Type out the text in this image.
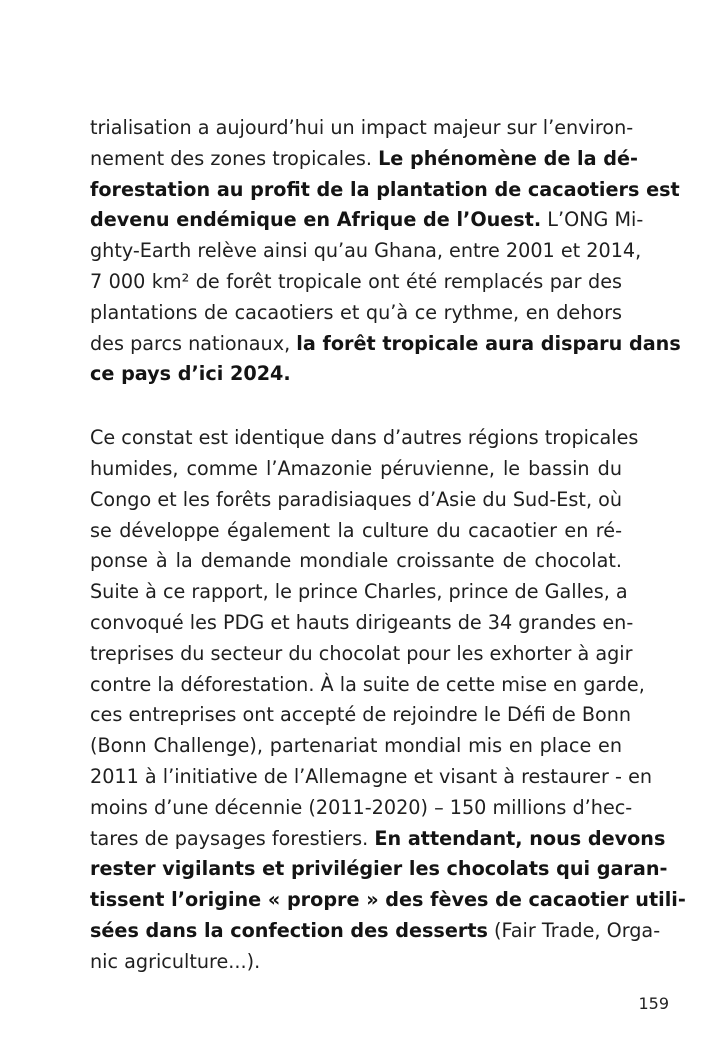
trialisation a aujourd’hui un impact majeur sur l’environ-
nement des zones tropicales. Le phénomène de la dé-
forestation au profit de la plantation de cacaotiers est
devenu endémique en Afrique de l’Ouest. L’ONG Mi-
ghty-Earth relève ainsi qu’au Ghana, entre 2001 et 2014,
7 000 km² de forêt tropicale ont été remplacés par des
plantations de cacaotiers et qu’à ce rythme, en dehors
des parcs nationaux, la forêt tropicale aura disparu dans
ce pays d’ici 2024.
Ce constat est identique dans d’autres régions tropicales
humides, comme l’Amazonie péruvienne, le bassin du
Congo et les forêts paradisiaques d’Asie du Sud-Est, où
se développe également la culture du cacaotier en ré-
ponse à la demande mondiale croissante de chocolat.
Suite à ce rapport, le prince Charles, prince de Galles, a
convoqué les PDG et hauts dirigeants de 34 grandes en-
treprises du secteur du chocolat pour les exhorter à agir
contre la déforestation. À la suite de cette mise en garde,
ces entreprises ont accepté de rejoindre le Défi de Bonn
(Bonn Challenge), partenariat mondial mis en place en
2011 à l’initiative de l’Allemagne et visant à restaurer - en
moins d’une décennie (2011-2020) – 150 millions d’hec-
tares de paysages forestiers. En attendant, nous devons
rester vigilants et privilégier les chocolats qui garan-
tissent l’origine « propre » des fèves de cacaotier utili-
sées dans la confection des desserts (Fair Trade, Orga-
nic agriculture...).
159
